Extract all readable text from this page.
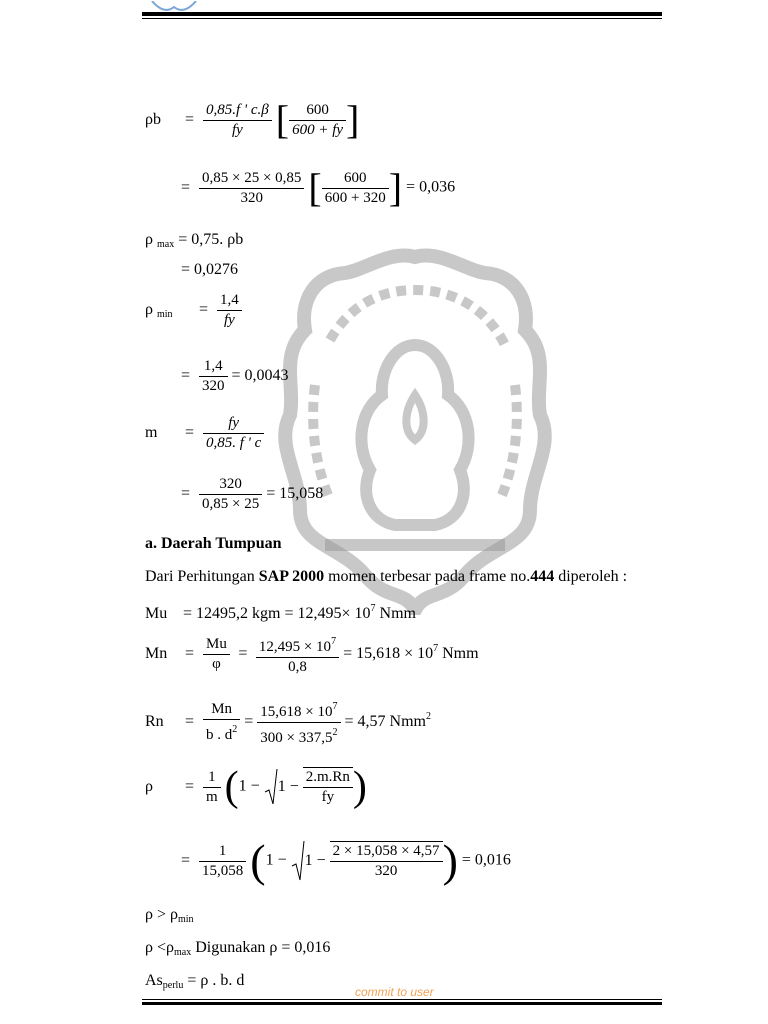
$\rho b = \frac{0,85.f ' c.\beta}{fy}$ [ $\frac{600}{600 + fy}$ ]
= $\frac{0,85 \times 25 \times 0,85}{320}$ [ $\frac{600}{600 + 320}$ ] = 0,036
ρ $_{max}$ = 0,75. ρb
= 0,0276
ρ $_{min} = \frac{1,4}{fy}$
= $\frac{1,4}{320} = 0,0043$
$m = \frac{fy}{0,85. f ' c}$
= $\frac{320}{0,85 \times 25} = 15,058$
a. Daerah Tumpuan
Dari Perhitungan SAP 2000 momen terbesar pada frame no.444 diperoleh :
Mu = 12495,2 kgm = $12,495\times 10^7$ Nmm
$Mn = \frac{Mu}{\varphi} = \frac{12,495 \times 10^7}{0,8} = 15,618 \times 10^7$ Nmm
$Rn = \frac{Mn}{b . d^2} = \frac{15,618 \times 10^7}{300 \times 337,5^2} = 4,57$ Nmm$^2$
$\rho = \frac{1}{m} (1 - 1 - \frac{2.m.Rn}{fy}$ )
= $\frac{1}{15,058} (1 - 1 - \frac{2 \times 15,058 \times 4,57}{320}$ ) = 0,016
$\rho > \rho_{min}$
$\rho <\rho_{max}$ Digunakan ρ = 0,016
$As_{perlu} = \rho$ . b. d
commit to user
